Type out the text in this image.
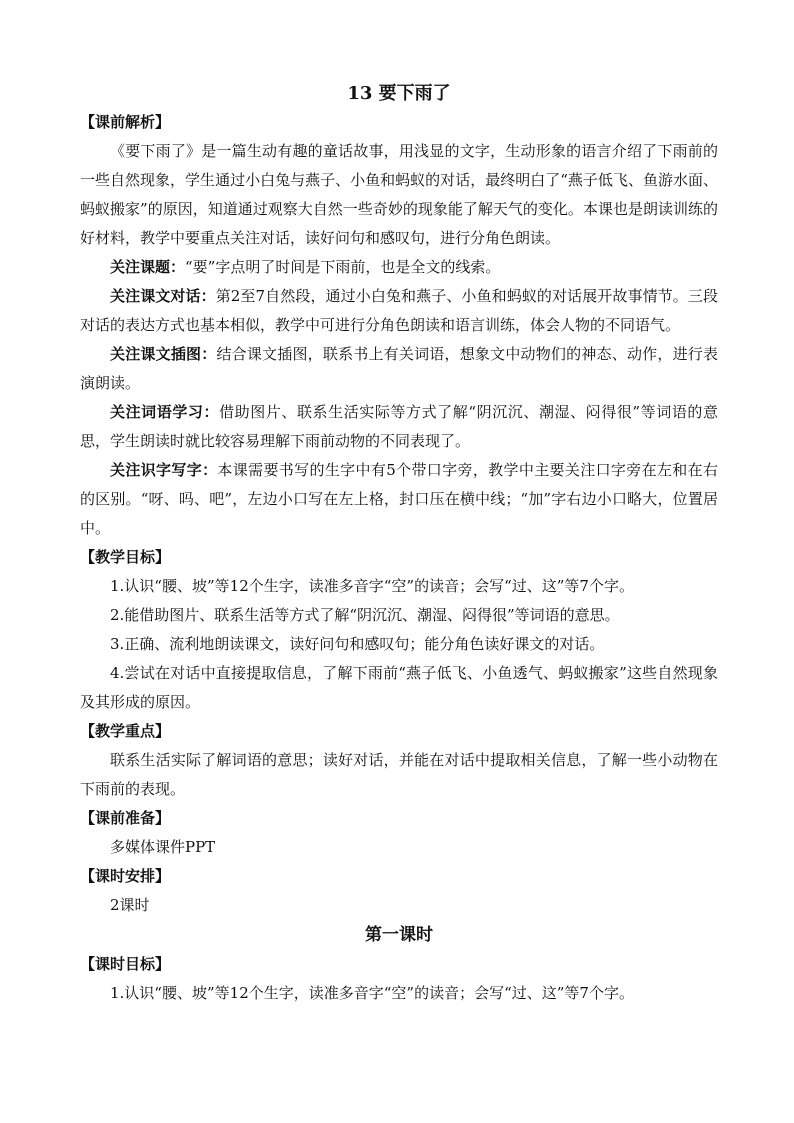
13 要下雨了
【课前解析】

《要下雨了》是一篇生动有趣的童话故事，用浅显的文字，生动形象的语言介绍了下雨前的一些自然现象，学生通过小白兔与燕子、小鱼和蚂蚁的对话，最终明白了“燕子低飞、鱼游水面、蚂蚁搬家”的原因，知道通过观察大自然一些奇妙的现象能了解天气的变化。本课也是朗读训练的好材料，教学中要重点关注对话，读好问句和感叹句，进行分角色朗读。

关注课题：“要”字点明了时间是下雨前，也是全文的线索。

关注课文对话：第2至7自然段，通过小白兔和燕子、小鱼和蚂蚁的对话展开故事情节。三段对话的表达方式也基本相似，教学中可进行分角色朗读和语言训练，体会人物的不同语气。

关注课文插图：结合课文插图，联系书上有关词语，想象文中动物们的神态、动作，进行表演朗读。

关注词语学习：借助图片、联系生活实际等方式了解“阴沉沉、潮湿、闷得很”等词语的意思，学生朗读时就比较容易理解下雨前动物的不同表现了。

关注识字写字：本课需要书写的生字中有5个带口字旁，教学中主要关注口字旁在左和在右的区别。“呀、吗、吧”，左边小口写在左上格，封口压在横中线；“加”字右边小口略大，位置居中。

【教学目标】

1.认识“腰、坡”等12个生字，读准多音字“空”的读音；会写“过、这”等7个字。

2.能借助图片、联系生活等方式了解“阴沉沉、潮湿、闷得很”等词语的意思。

3.正确、流利地朗读课文，读好问句和感叹句；能分角色读好课文的对话。

4.尝试在对话中直接提取信息，了解下雨前“燕子低飞、小鱼透气、蚂蚁搬家”这些自然现象及其形成的原因。

【教学重点】

联系生活实际了解词语的意思；读好对话，并能在对话中提取相关信息，了解一些小动物在下雨前的表现。

【课前准备】

多媒体课件PPT

【课时安排】

2课时

第一课时
【课时目标】

1.认识“腰、坡”等12个生字，读准多音字“空”的读音；会写“过、这”等7个字。
